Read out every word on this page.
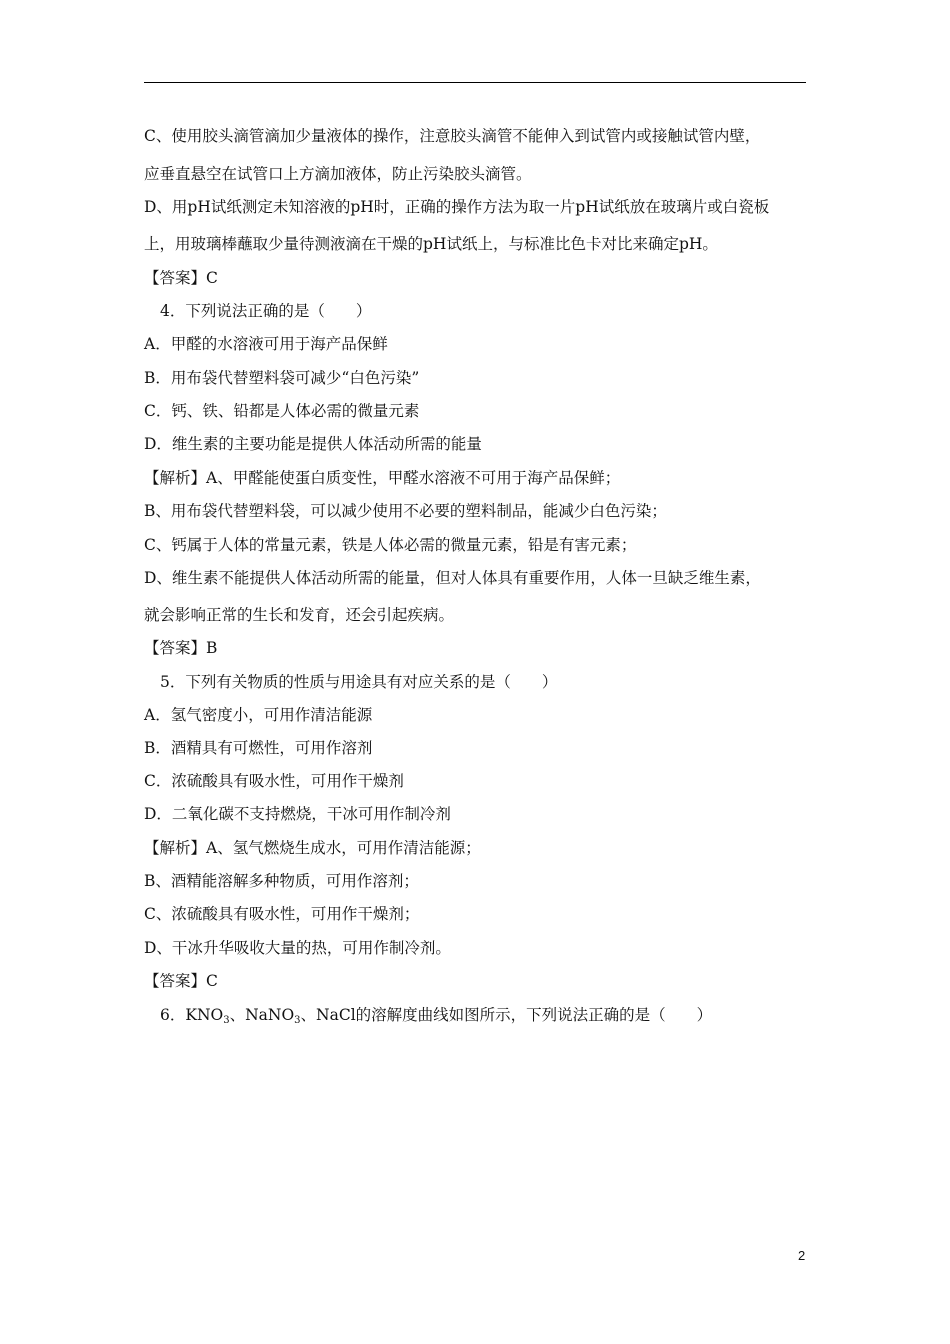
C、使用胶头滴管滴加少量液体的操作，注意胶头滴管不能伸入到试管内或接触试管内壁，
应垂直悬空在试管口上方滴加液体，防止污染胶头滴管。
D、用pH试纸测定未知溶液的pH时，正确的操作方法为取一片pH试纸放在玻璃片或白瓷板
上，用玻璃棒蘸取少量待测液滴在干燥的pH试纸上，与标准比色卡对比来确定pH。
【答案】C
4．下列说法正确的是（　　）
A．甲醛的水溶液可用于海产品保鲜
B．用布袋代替塑料袋可减少“白色污染”
C．钙、铁、铅都是人体必需的微量元素
D．维生素的主要功能是提供人体活动所需的能量
【解析】A、甲醛能使蛋白质变性，甲醛水溶液不可用于海产品保鲜；
B、用布袋代替塑料袋，可以减少使用不必要的塑料制品，能减少白色污染；
C、钙属于人体的常量元素，铁是人体必需的微量元素，铅是有害元素；
D、维生素不能提供人体活动所需的能量，但对人体具有重要作用，人体一旦缺乏维生素，
就会影响正常的生长和发育，还会引起疾病。
【答案】B
5．下列有关物质的性质与用途具有对应关系的是（　　）
A．氢气密度小，可用作清洁能源
B．酒精具有可燃性，可用作溶剂
C．浓硫酸具有吸水性，可用作干燥剂
D．二氧化碳不支持燃烧，干冰可用作制冷剂
【解析】A、氢气燃烧生成水，可用作清洁能源；
B、酒精能溶解多种物质，可用作溶剂；
C、浓硫酸具有吸水性，可用作干燥剂；
D、干冰升华吸收大量的热，可用作制冷剂。
【答案】C
6．$KNO_3$、NaNO$_3$、NaCl的溶解度曲线如图所示，下列说法正确的是（　　）
2
